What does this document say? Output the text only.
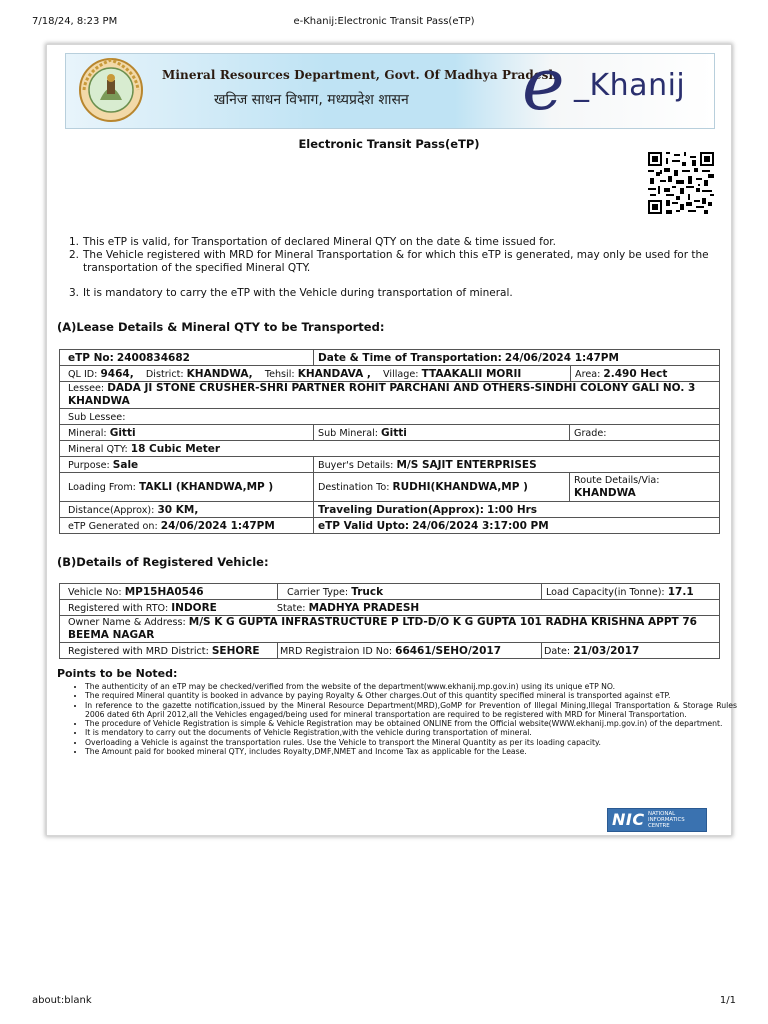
7/18/24, 8:23 PM	e-Khanij:Electronic Transit Pass(eTP)
Mineral Resources Department, Govt. Of Madhya Pradesh
खनिज साधन विभाग, मध्यप्रदेश शासन e _Khanij
Electronic Transit Pass(eTP)
1. This eTP is valid, for Transportation of declared Mineral QTY on the date & time issued for.
2. The Vehicle registered with MRD for Mineral Transportation & for which this eTP is generated, may only be used for the transportation of the specified Mineral QTY.
3. It is mandatory to carry the eTP with the Vehicle during transportation of mineral.
(A)Lease Details & Mineral QTY to be Transported:
eTP No: 2400834682	Date & Time of Transportation: 24/06/2024 1:47PM

QL ID: 9464, District: KHANDWA, Tehsil: KHANDAVA , Village: TTAAKALII MORII	Area: 2.490 Hect

Lessee: DADA JI STONE CRUSHER-SHRI PARTNER ROHIT PARCHANI AND OTHERS-SINDHI COLONY GALI NO. 3 KHANDWA
Sub Lessee:
Mineral: Gitti	Sub Mineral: Gitti	Grade:
Mineral QTY: 18 Cubic Meter
Purpose: Sale	Buyer's Details: M/S SAJIT ENTERPRISES
Loading From: TAKLI (KHANDWA,MP )	Destination To: RUDHI(KHANDWA,MP )	Route Details/Via:
KHANDWA
Distance(Approx): 30 KM,	Traveling Duration(Approx): 1:00 Hrs
eTP Generated on: 24/06/2024 1:47PM	eTP Valid Upto: 24/06/2024 3:17:00 PM
(B)Details of Registered Vehicle:
Vehicle No: MP15HA0546	Carrier Type: Truck	Load Capacity(in Tonne): 17.1
Registered with RTO: INDORE State: MADHYA PRADESH		
Owner Name & Address: M/S K G GUPTA INFRASTRUCTURE P LTD-D/O K G GUPTA 101 RADHA KRISHNA APPT 76 BEEMA NAGAR		
Registered with MRD District: SEHORE	MRD Registraion ID No: 66461/SEHO/2017	Date: 21/03/2017
Points to be Noted:
• The authenticity of an eTP may be checked/verified from the website of the department(www.ekhanij.mp.gov.in) using its unique eTP NO.
• The required Mineral quantity is booked in advance by paying Royalty & Other charges.Out of this quantity specified mineral is transported against eTP.
• In reference to the gazette notification,issued by the Mineral Resource Department(MRD),GoMP for Prevention of Illegal Mining,Illegal Transportation & Storage Rules 2006 dated 6th April 2012,all the Vehicles engaged/being used for mineral transportation are required to be registered with MRD for Mineral Transportation.
• The procedure of Vehicle Registration is simple & Vehicle Registration may be obtained ONLINE from the Official website(WWW.ekhanij.mp.gov.in) of the department.
• It is mendatory to carry out the documents of Vehicle Registration,with the vehicle during transportation of mineral.
• Overloading a Vehicle is against the transportation rules. Use the Vehicle to transport the Mineral Quantity as per its loading capacity.
• The Amount paid for booked mineral QTY, includes Royalty,DMF,NMET and Income Tax as applicable for the Lease.
NIC NATIONAL
INFORMATICS
CENTRE
about:blank	1/1
